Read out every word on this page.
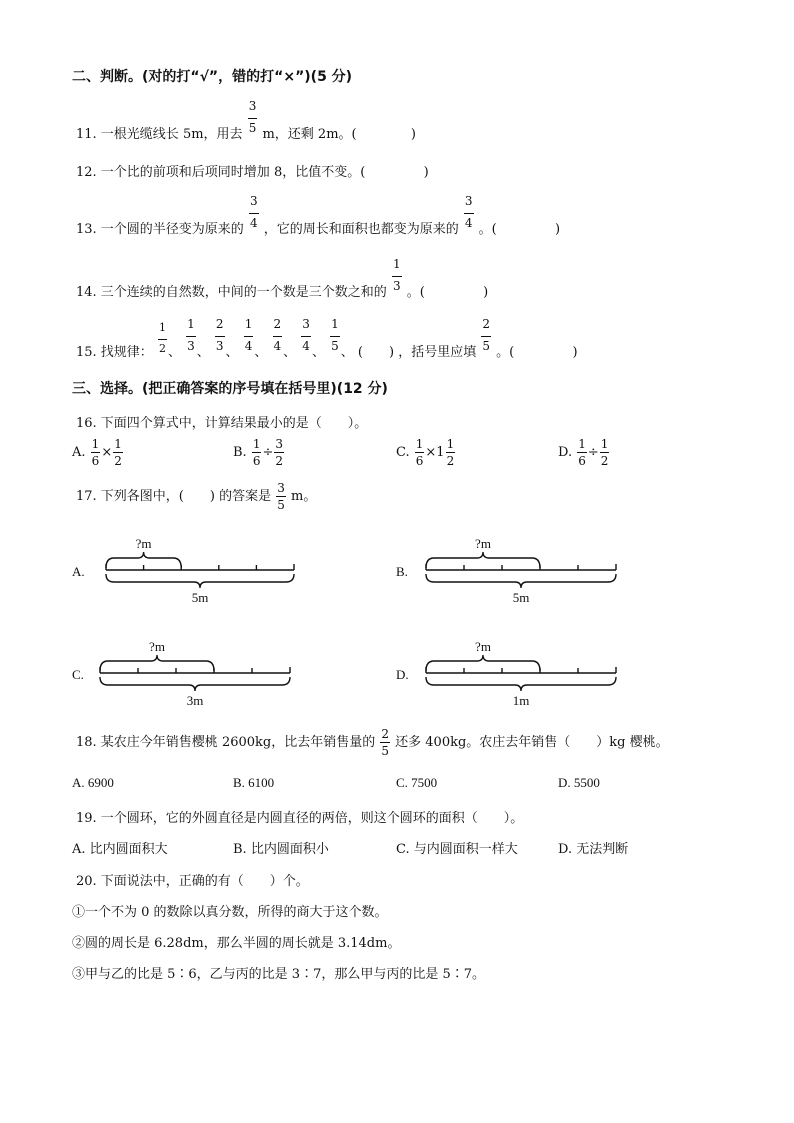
二、判断。(对的打“√”，错的打“×”)(5 分)
11. 一根光缆线长 5m，用去
$\frac{3}{5}$
m，还剩 2m。(	)
12. 一个比的前项和后项同时增加 8，比值不变。(	)
13. 一个圆的半径变为原来的
$\frac{3}{4}$
，它的周长和面积也都变为原来的
$\frac{3}{4}$
。(	)
14. 三个连续的自然数，中间的一个数是三个数之和的
$\frac{1}{3}$
。(	)
15. 找规律： $\frac{1}{2}$ 、
$\frac{1}{3}$
、
$\frac{2}{3}$
、
$\frac{1}{4}$
、
$\frac{2}{4}$
、
$\frac{3}{4}$
、
$\frac{1}{5}$
、 (　　) ，括号里应填
$\frac{2}{5}$
。(	)
三、选择。(把正确答案的序号填在括号里)(12 分)
16. 下面四个算式中，计算结果最小的是（　　）。
A. $\frac{1}{6} \times \frac{1}{2}$	B. $\frac{1}{6} \div \frac{3}{2}$	C. $\frac{1}{6} \times 1 \frac{1}{2}$	D. $\frac{1}{6} \div \frac{1}{2}$
17. 下列各图中，(　　) 的答案是 $\frac{3}{5}$ m。
A.	B.
C.	D.
?m
5m
?m
5m
?m
3m
?m
1m
18. 某农庄今年销售樱桃 2600kg，比去年销售量的 $\frac{2}{5}$ 还多 400kg。农庄去年销售（　　）kg 樱桃。
A. 6900	B. 6100	C. 7500	D. 5500
19. 一个圆环，它的外圆直径是内圆直径的两倍，则这个圆环的面积（　　）。
A. 比内圆面积大	B. 比内圆面积小	C. 与内圆面积一样大	D. 无法判断
20. 下面说法中，正确的有（　　）个。
①一个不为 0 的数除以真分数，所得的商大于这个数。
②圆的周长是 6.28dm，那么半圆的周长就是 3.14dm。
③甲与乙的比是 5∶6，乙与丙的比是 3∶7，那么甲与丙的比是 5∶7。
